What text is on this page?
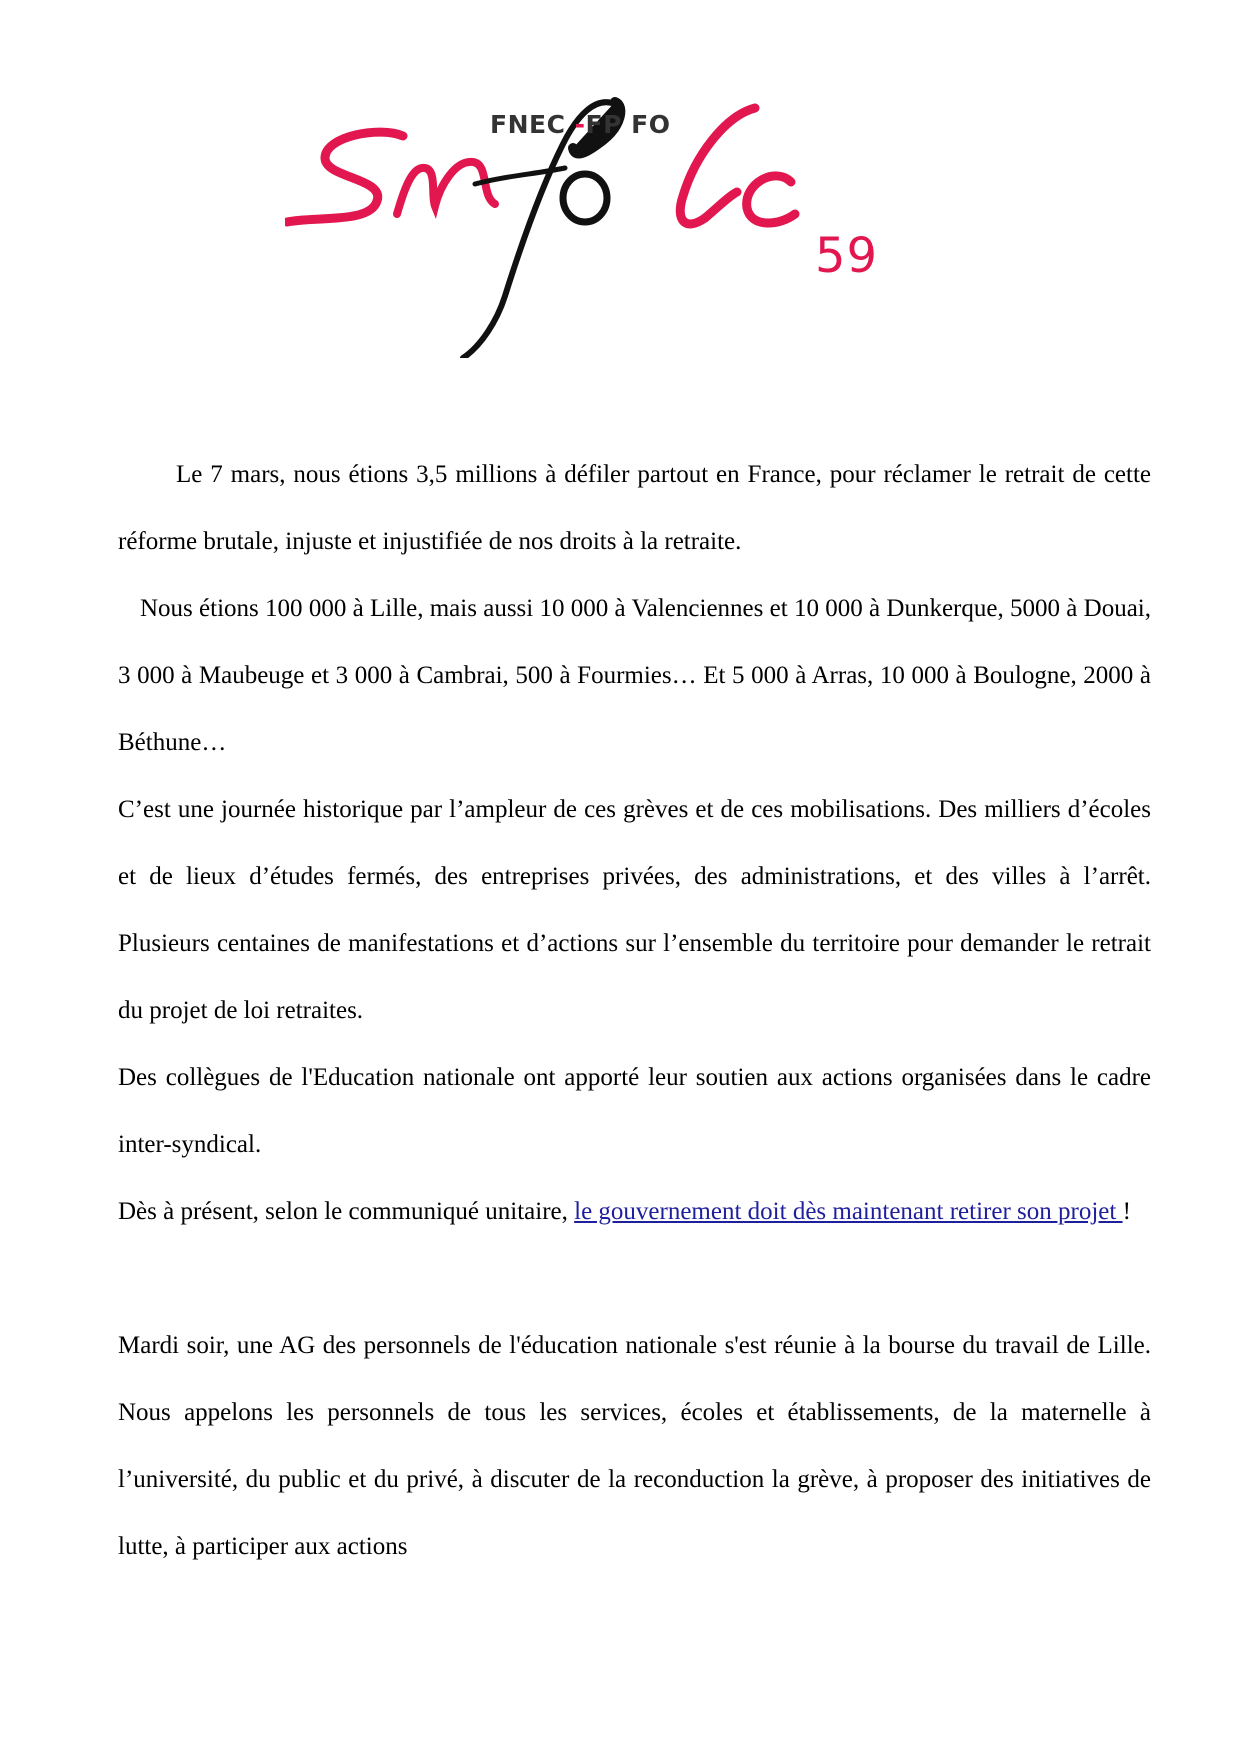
FNEC -FP FO
59

Le 7 mars, nous étions 3,5 millions à défiler partout en France, pour réclamer le retrait de cette réforme brutale, injuste et injustifiée de nos droits à la retraite.

Nous étions 100 000 à Lille, mais aussi 10 000 à Valenciennes et 10 000 à Dunkerque, 5000 à Douai, 3 000 à Maubeuge et 3 000 à Cambrai, 500 à Fourmies… Et 5 000 à Arras, 10 000 à Boulogne, 2000 à Béthune…

C’est une journée historique par l’ampleur de ces grèves et de ces mobilisations. Des milliers d’écoles et de lieux d’études fermés, des entreprises privées, des administrations, et des villes à l’arrêt. Plusieurs centaines de manifestations et d’actions sur l’ensemble du territoire pour demander le retrait du projet de loi retraites.

Des collègues de l'Education nationale ont apporté leur soutien aux actions organisées dans le cadre inter-syndical.

Dès à présent, selon le communiqué unitaire, le gouvernement doit dès maintenant retirer son projet !

Mardi soir, une AG des personnels de l'éducation nationale s'est réunie à la bourse du travail de Lille. Nous appelons les personnels de tous les services, écoles et établissements, de la maternelle à l’université, du public et du privé, à discuter de la reconduction la grève, à proposer des initiatives de lutte, à participer aux actions
